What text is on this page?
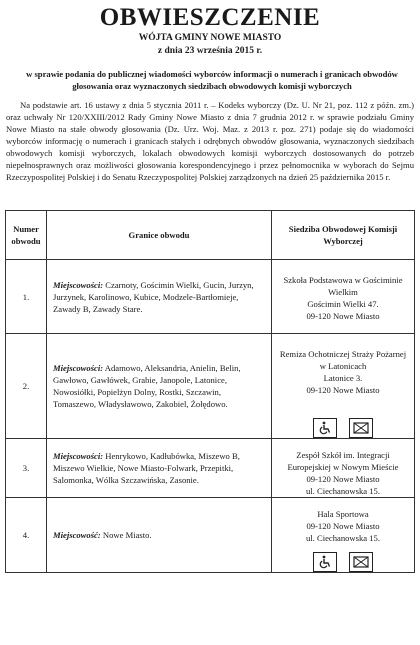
OBWIESZCZENIE
WÓJTA GMINY NOWE MIASTO
z dnia 23 września 2015 r.
w sprawie podania do publicznej wiadomości wyborców informacji o numerach i granicach obwodów głosowania oraz wyznaczonych siedzibach obwodowych komisji wyborczych
Na podstawie art. 16 ustawy z dnia 5 stycznia 2011 r. – Kodeks wyborczy (Dz. U. Nr 21, poz. 112 z późn. zm.) oraz uchwały Nr 120/XXIII/2012 Rady Gminy Nowe Miasto z dnia 7 grudnia 2012 r. w sprawie podziału Gminy Nowe Miasto na stałe obwody głosowania (Dz. Urz. Woj. Maz. z 2013 r. poz. 271) podaje się do wiadomości wyborców informację o numerach i granicach stałych i odrębnych obwodów głosowania, wyznaczonych siedzibach obwodowych komisji wyborczych, lokalach obwodowych komisji wyborczych dostosowanych do potrzeb niepełnosprawnych oraz możliwości głosowania korespondencyjnego i przez pełnomocnika w wyborach do Sejmu Rzeczypospolitej Polskiej i do Senatu Rzeczypospolitej Polskiej zarządzonych na dzień 25 października 2015 r.
Numer obwodu	Granice obwodu	Siedziba Obwodowej Komisji Wyborczej
1.	Miejscowości: Czarnoty, Gościmin Wielki, Gucin, Jurzyn, Jurzynek, Karolinowo, Kubice, Modzele-Bartłomieje, Zawady B, Zawady Stare.	Szkoła Podstawowa w Gościminie Wielkim
Gościmin Wielki 47.
09-120 Nowe Miasto

2.	Miejscowości: Adamowo, Aleksandria, Anielin, Belin, Gawłowo, Gawłówek, Grabie, Janopole, Latonice, Nowosiółki, Popielżyn Dolny, Rostki, Szczawin, Tomaszewo, Władysławowo, Zakobiel, Żołędowo.	Remiza Ochotniczej Straży Pożarnej w Latonicach
Latonice 3.
09-120 Nowe Miasto

3.	Miejscowości: Henrykowo, Kadłubówka, Miszewo B, Miszewo Wielkie, Nowe Miasto-Folwark, Przepitki, Salomonka, Wólka Szczawińska, Zasonie.	Zespół Szkół im. Integracji Europejskiej w Nowym Mieście
09-120 Nowe Miasto
ul. Ciechanowska 15.

4.	Miejscowość: Nowe Miasto.	Hala Sportowa
09-120 Nowe Miasto
ul. Ciechanowska 15.
